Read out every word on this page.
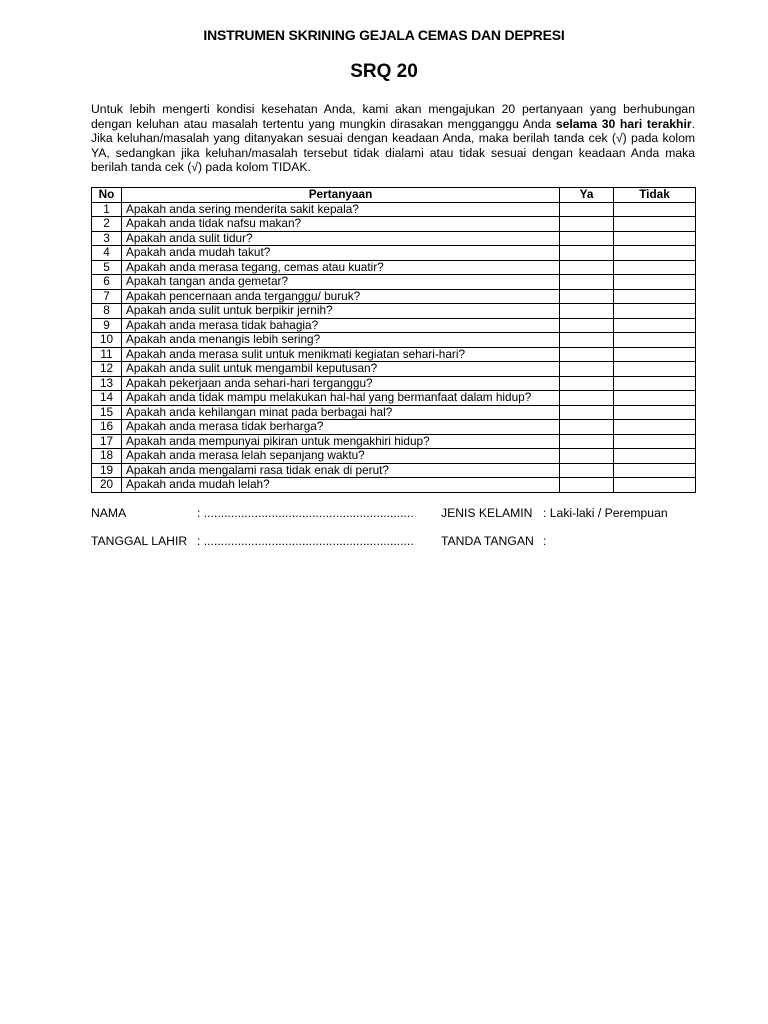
INSTRUMEN SKRINING GEJALA CEMAS DAN DEPRESI
SRQ 20

Untuk lebih mengerti kondisi kesehatan Anda, kami akan mengajukan 20 pertanyaan yang berhubungan dengan keluhan atau masalah tertentu yang mungkin dirasakan mengganggu Anda selama 30 hari terakhir. Jika keluhan/masalah yang ditanyakan sesuai dengan keadaan Anda, maka berilah tanda cek (√) pada kolom YA, sedangkan jika keluhan/masalah tersebut tidak dialami atau tidak sesuai dengan keadaan Anda maka berilah tanda cek (√) pada kolom TIDAK.

No	Pertanyaan	Ya	Tidak
1	Apakah anda sering menderita sakit kepala?		
2	Apakah anda tidak nafsu makan?		
3	Apakah anda sulit tidur?		
4	Apakah anda mudah takut?		
5	Apakah anda merasa tegang, cemas atau kuatir?		
6	Apakah tangan anda gemetar?		
7	Apakah pencernaan anda terganggu/ buruk?		
8	Apakah anda sulit untuk berpikir jernih?		
9	Apakah anda merasa tidak bahagia?		
10	Apakah anda menangis lebih sering?		
11	Apakah anda merasa sulit untuk menikmati kegiatan sehari-hari?		
12	Apakah anda sulit untuk mengambil keputusan?		
13	Apakah pekerjaan anda sehari-hari terganggu?		
14	Apakah anda tidak mampu melakukan hal-hal yang bermanfaat dalam hidup?		
15	Apakah anda kehilangan minat pada berbagai hal?		
16	Apakah anda merasa tidak berharga?		
17	Apakah anda mempunyai pikiran untuk mengakhiri hidup?		
18	Apakah anda merasa lelah sepanjang waktu?		
19	Apakah anda mengalami rasa tidak enak di perut?		
20	Apakah anda mudah lelah?		
NAMA	: .............................................................. JENIS KELAMIN : Laki-laki / Perempuan
TANGGAL LAHIR : .............................................................. TANDA TANGAN :
